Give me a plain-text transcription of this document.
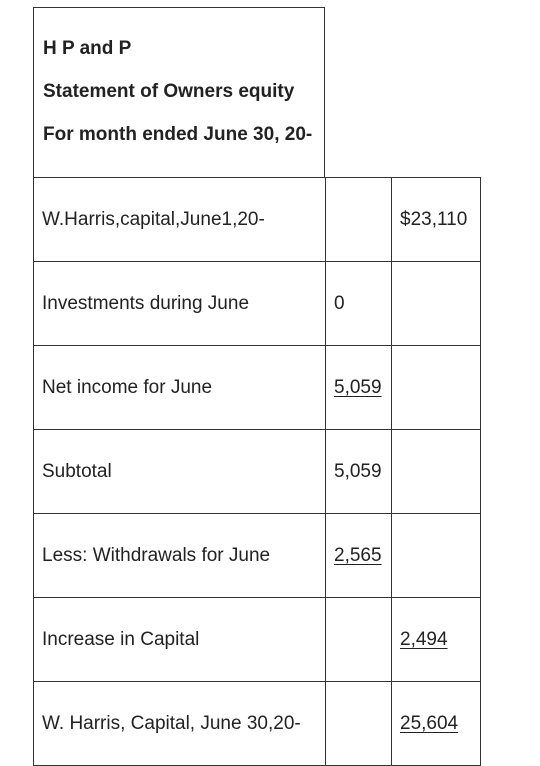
H P and P
Statement of Owners equity
For month ended June 30, 20-
W.Harris,capital,June1,20-		$23,110
Investments during June	0	
Net income for June	5,059	
Subtotal	5,059	
Less: Withdrawals for June	2,565	
Increase in Capital		2,494
W. Harris, Capital, June 30,20-		25,604
